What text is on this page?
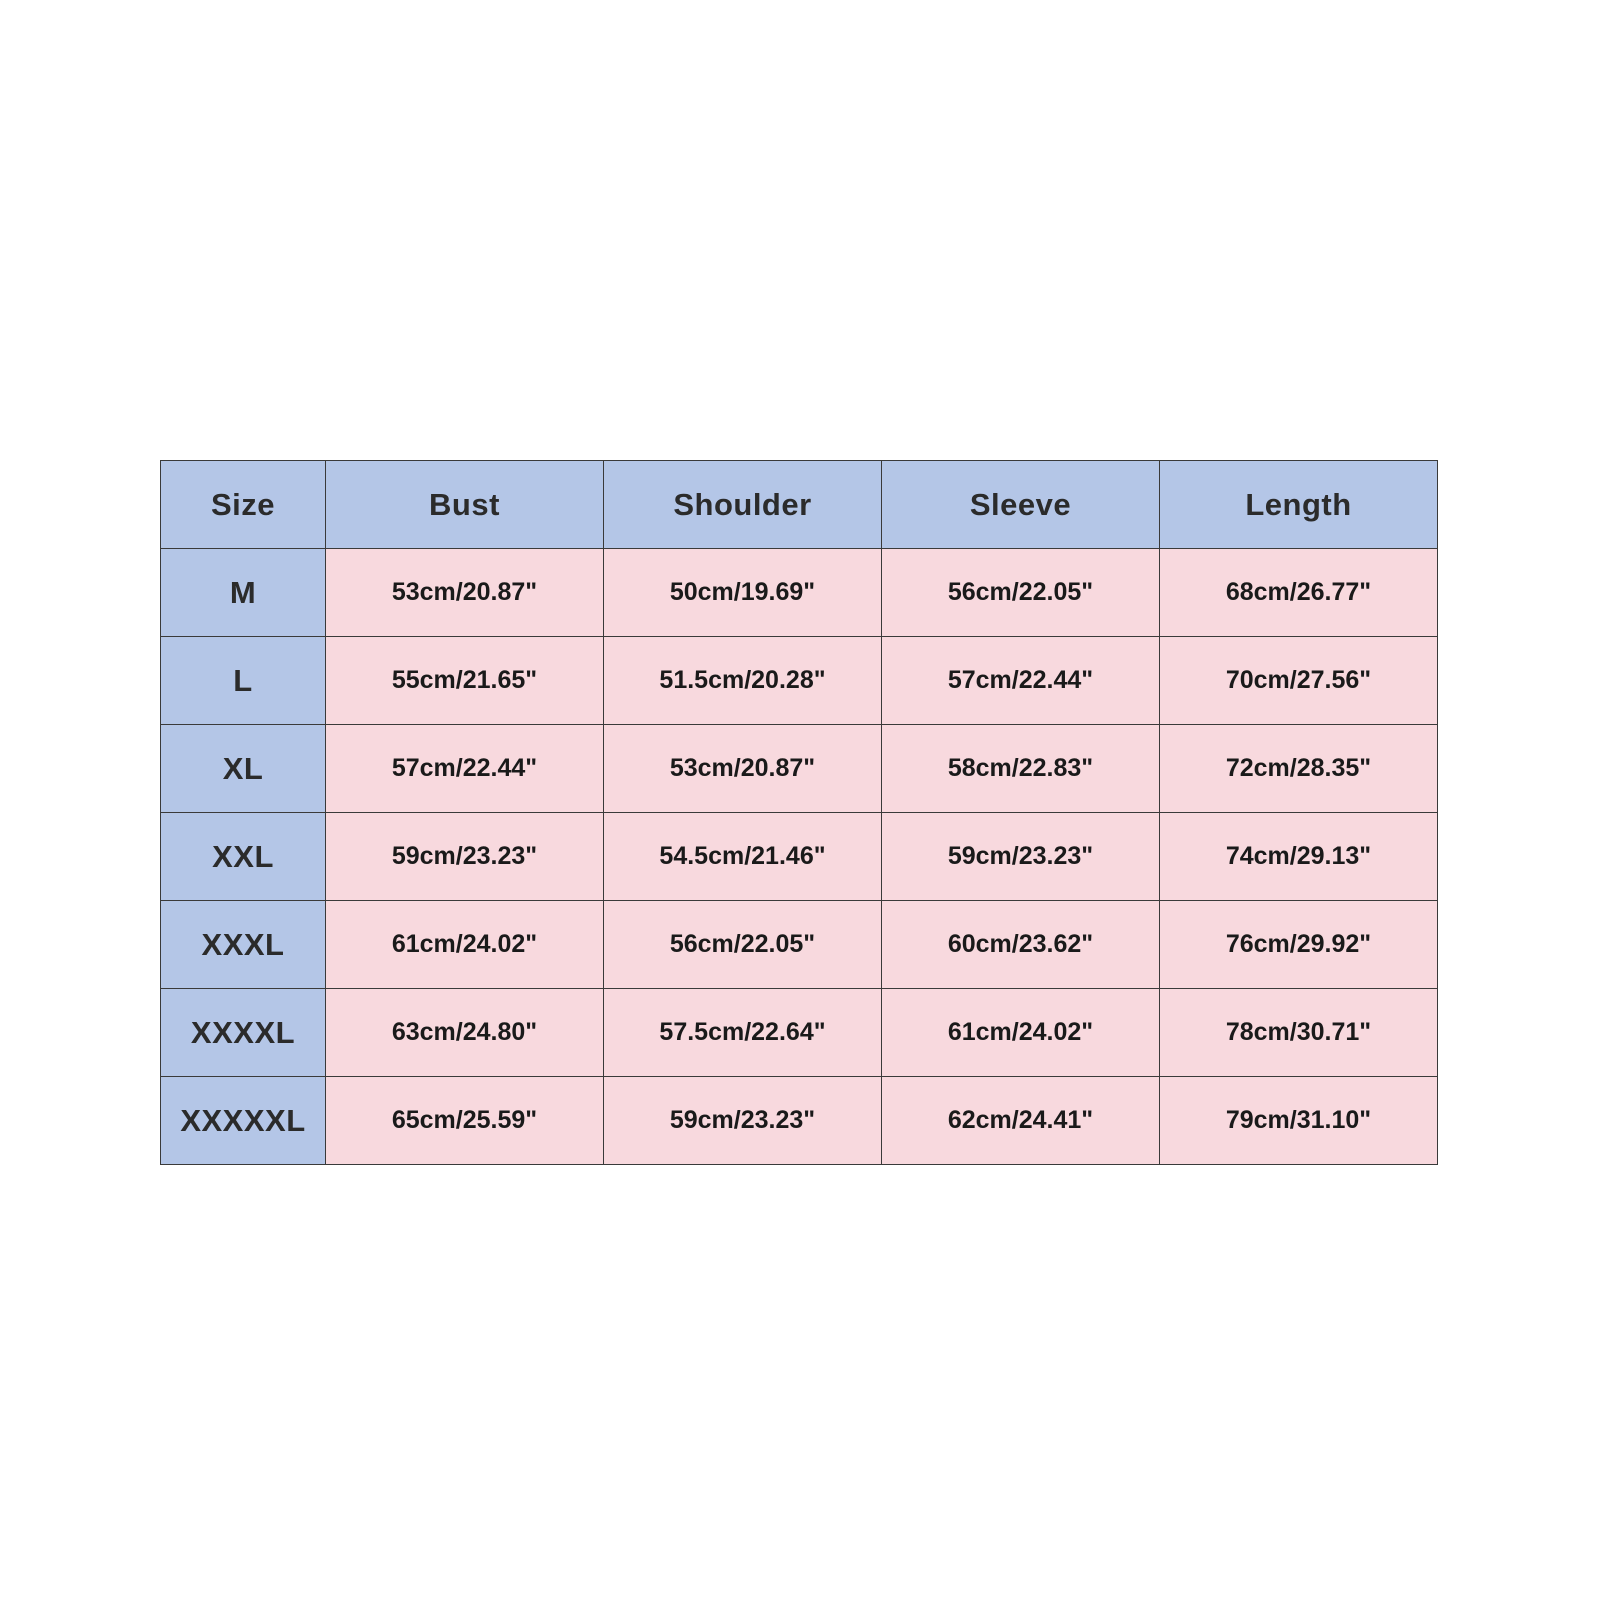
Size	Bust	Shoulder	Sleeve	Length
M	53cm/20.87"	50cm/19.69"	56cm/22.05"	68cm/26.77"
L	55cm/21.65"	51.5cm/20.28"	57cm/22.44"	70cm/27.56"
XL	57cm/22.44"	53cm/20.87"	58cm/22.83"	72cm/28.35"
XXL	59cm/23.23"	54.5cm/21.46"	59cm/23.23"	74cm/29.13"
XXXL	61cm/24.02"	56cm/22.05"	60cm/23.62"	76cm/29.92"
XXXXL	63cm/24.80"	57.5cm/22.64"	61cm/24.02"	78cm/30.71"
XXXXXL	65cm/25.59"	59cm/23.23"	62cm/24.41"	79cm/31.10"
